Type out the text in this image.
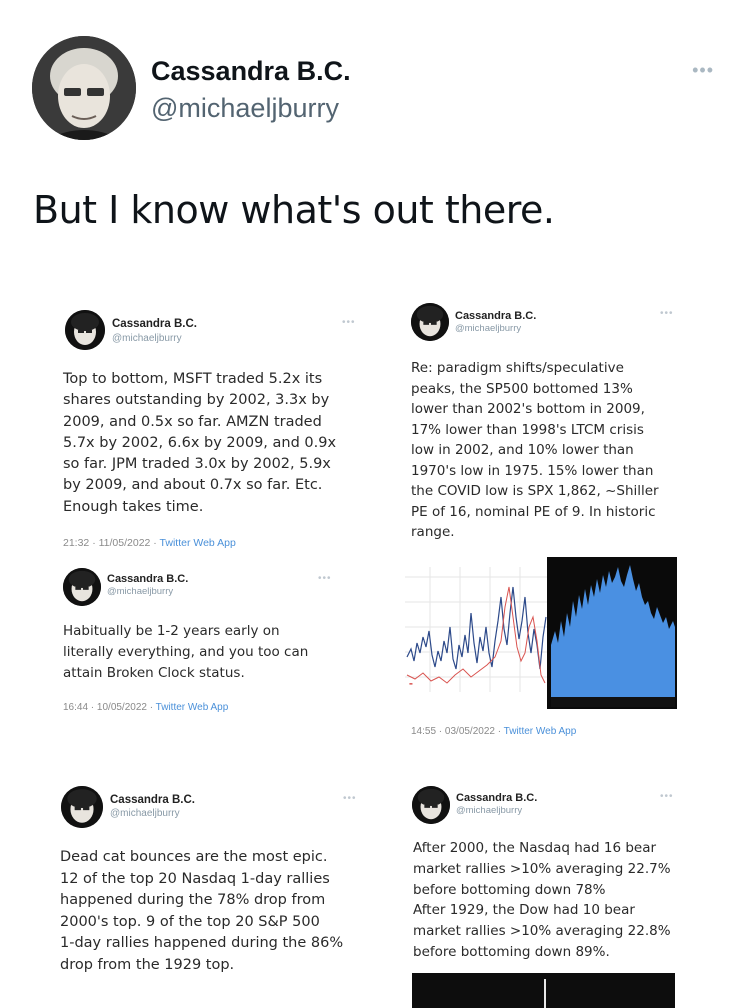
Cassandra B.C.
@michaeljburry
•••
But I know what's out there.
Cassandra B.C.
@michaeljburry
•••
Top to bottom, MSFT traded 5.2x its
shares outstanding by 2002, 3.3x by
2009, and 0.5x so far. AMZN traded
5.7x by 2002, 6.6x by 2009, and 0.9x
so far. JPM traded 3.0x by 2002, 5.9x
by 2009, and about 0.7x so far. Etc.
Enough takes time.
21:32 · 11/05/2022 · Twitter Web App
Cassandra B.C.
@michaeljburry
•••
Re: paradigm shifts/speculative
peaks, the SP500 bottomed 13%
lower than 2002's bottom in 2009,
17% lower than 1998's LTCM crisis
low in 2002, and 10% lower than
1970's low in 1975. 15% lower than
the COVID low is SPX 1,862, ~Shiller
PE of 16, nominal PE of 9. In historic
range.
14:55 · 03/05/2022 · Twitter Web App
▬
Cassandra B.C.
@michaeljburry
•••
Habitually be 1-2 years early on
literally everything, and you too can
attain Broken Clock status.
16:44 · 10/05/2022 · Twitter Web App
Cassandra B.C.
@michaeljburry
•••
Dead cat bounces are the most epic.
12 of the top 20 Nasdaq 1-day rallies
happened during the 78% drop from
2000's top. 9 of the top 20 S&P 500
1-day rallies happened during the 86%
drop from the 1929 top.
Cassandra B.C.
@michaeljburry
•••
After 2000, the Nasdaq had 16 bear
market rallies >10% averaging 22.7%
before bottoming down 78%
After 1929, the Dow had 10 bear
market rallies >10% averaging 22.8%
before bottoming down 89%.
